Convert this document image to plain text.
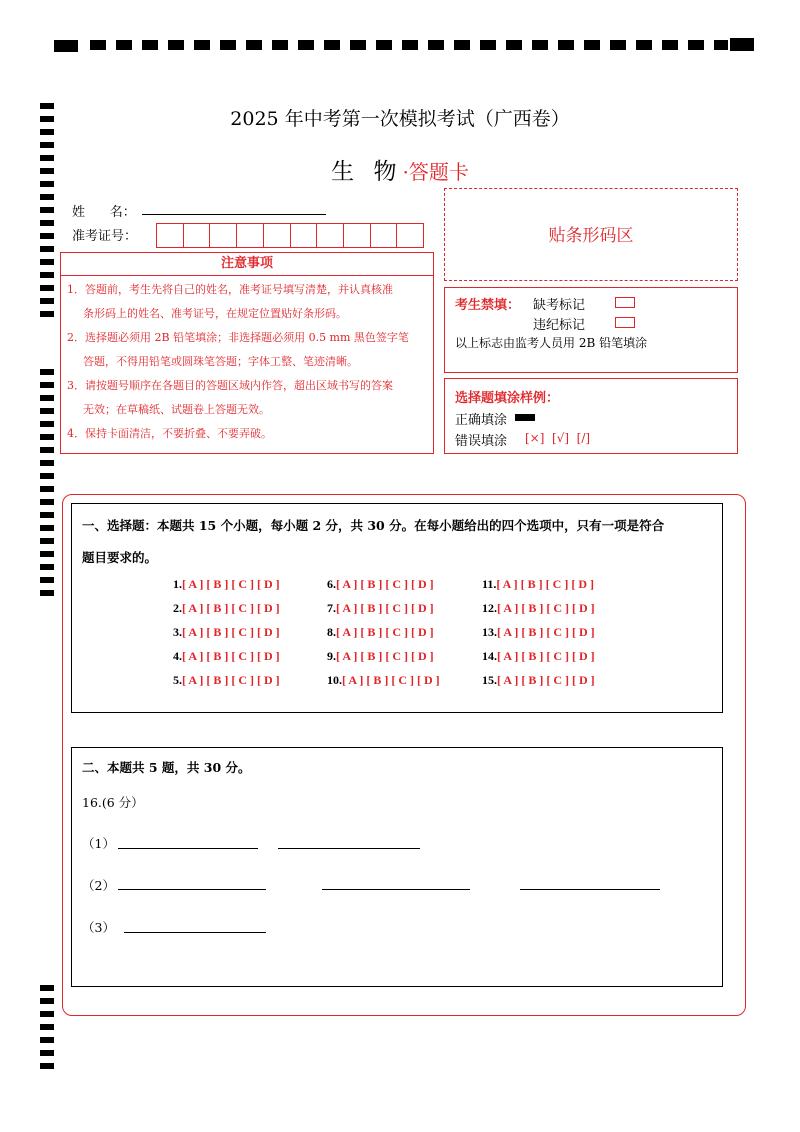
2025 年中考第一次模拟考试（广西卷）
生 物·答题卡
姓      名：
准考证号：	贴条形码区
注意事项
1．答题前，考生先将自己的姓名，准考证号填写清楚，并认真核准
条形码上的姓名、准考证号，在规定位置贴好条形码。
2．选择题必须用 2B 铅笔填涂；非选择题必须用 0.5 mm 黑色签字笔
答题，不得用铅笔或圆珠笔答题；字体工整、笔迹清晰。
3．请按题号顺序在各题目的答题区域内作答，超出区域书写的答案
无效；在草稿纸、试题卷上答题无效。
4．保持卡面清洁，不要折叠、不要弄破。
考生禁填： 缺考标记
违纪标记
以上标志由监考人员用 2B 铅笔填涂
选择题填涂样例：
正确填涂
错误填涂 [×]  [√]  [/]
一、选择题：本题共 15 个小题，每小题 2 分，共 30 分。在每小题给出的四个选项中，只有一项是符合
题目要求的。
1.[ A ] [ B ] [ C ] [ D ]
2.[ A ] [ B ] [ C ] [ D ]
3.[ A ] [ B ] [ C ] [ D ]
4.[ A ] [ B ] [ C ] [ D ]
5.[ A ] [ B ] [ C ] [ D ]
6.[ A ] [ B ] [ C ] [ D ]
7.[ A ] [ B ] [ C ] [ D ]
8.[ A ] [ B ] [ C ] [ D ]
9.[ A ] [ B ] [ C ] [ D ]
10.[ A ] [ B ] [ C ] [ D ]
11.[ A ] [ B ] [ C ] [ D ]
12.[ A ] [ B ] [ C ] [ D ]
13.[ A ] [ B ] [ C ] [ D ]
14.[ A ] [ B ] [ C ] [ D ]
15.[ A ] [ B ] [ C ] [ D ]
二、本题共 5 题，共 30 分。
16.(6 分）
（1）
（2）
（3）
